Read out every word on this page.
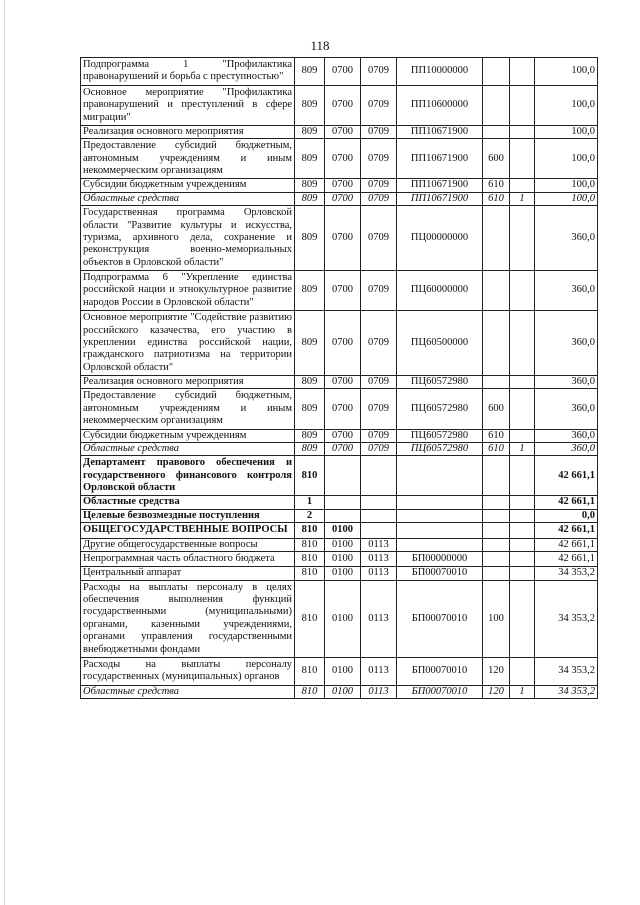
118
Подпрограмма 1 "Профилактика правонарушений и борьба с преступностью"	809	0700	0709	ПП10000000			100,0
Основное мероприятие "Профилактика правонарушений и преступлений в сфере миграции"	809	0700	0709	ПП10600000			100,0
Реализация основного мероприятия	809	0700	0709	ПП10671900			100,0
Предоставление субсидий бюджетным, автономным учреждениям и иным некоммерческим организациям	809	0700	0709	ПП10671900	600		100,0
Субсидии бюджетным учреждениям	809	0700	0709	ПП10671900	610		100,0
Областные средства	809	0700	0709	ПП10671900	610	1	100,0
Государственная программа Орловской области "Развитие культуры и искусства, туризма, архивного дела, сохранение и реконструкция военно-мемориальных объектов в Орловской области"	809	0700	0709	ПЦ00000000			360,0
Подпрограмма 6 "Укрепление единства российской нации и этнокультурное развитие народов России в Орловской области"	809	0700	0709	ПЦ60000000			360,0
Основное мероприятие "Содействие развитию российского казачества, его участию в укреплении единства российской нации, гражданского патриотизма на территории Орловской области"	809	0700	0709	ПЦ60500000			360,0
Реализация основного мероприятия	809	0700	0709	ПЦ60572980			360,0
Предоставление субсидий бюджетным, автономным учреждениям и иным некоммерческим организациям	809	0700	0709	ПЦ60572980	600		360,0
Субсидии бюджетным учреждениям	809	0700	0709	ПЦ60572980	610		360,0
Областные средства	809	0700	0709	ПЦ60572980	610	1	360,0
Департамент правового обеспечения и государственного финансового контроля Орловской области	810						42 661,1
Областные средства	1						42 661,1
Целевые безвозмездные поступления	2						0,0
ОБЩЕГОСУДАРСТВЕННЫЕ ВОПРОСЫ	810	0100					42 661,1
Другие общегосударственные вопросы	810	0100	0113				42 661,1
Непрограммная часть областного бюджета	810	0100	0113	БП00000000			42 661,1
Центральный аппарат	810	0100	0113	БП00070010			34 353,2
Расходы на выплаты персоналу в целях обеспечения выполнения функций государственными (муниципальными) органами, казенными учреждениями, органами управления государственными внебюджетными фондами	810	0100	0113	БП00070010	100		34 353,2
Расходы на выплаты персоналу государственных (муниципальных) органов	810	0100	0113	БП00070010	120		34 353,2
Областные средства	810	0100	0113	БП00070010	120	1	34 353,2
